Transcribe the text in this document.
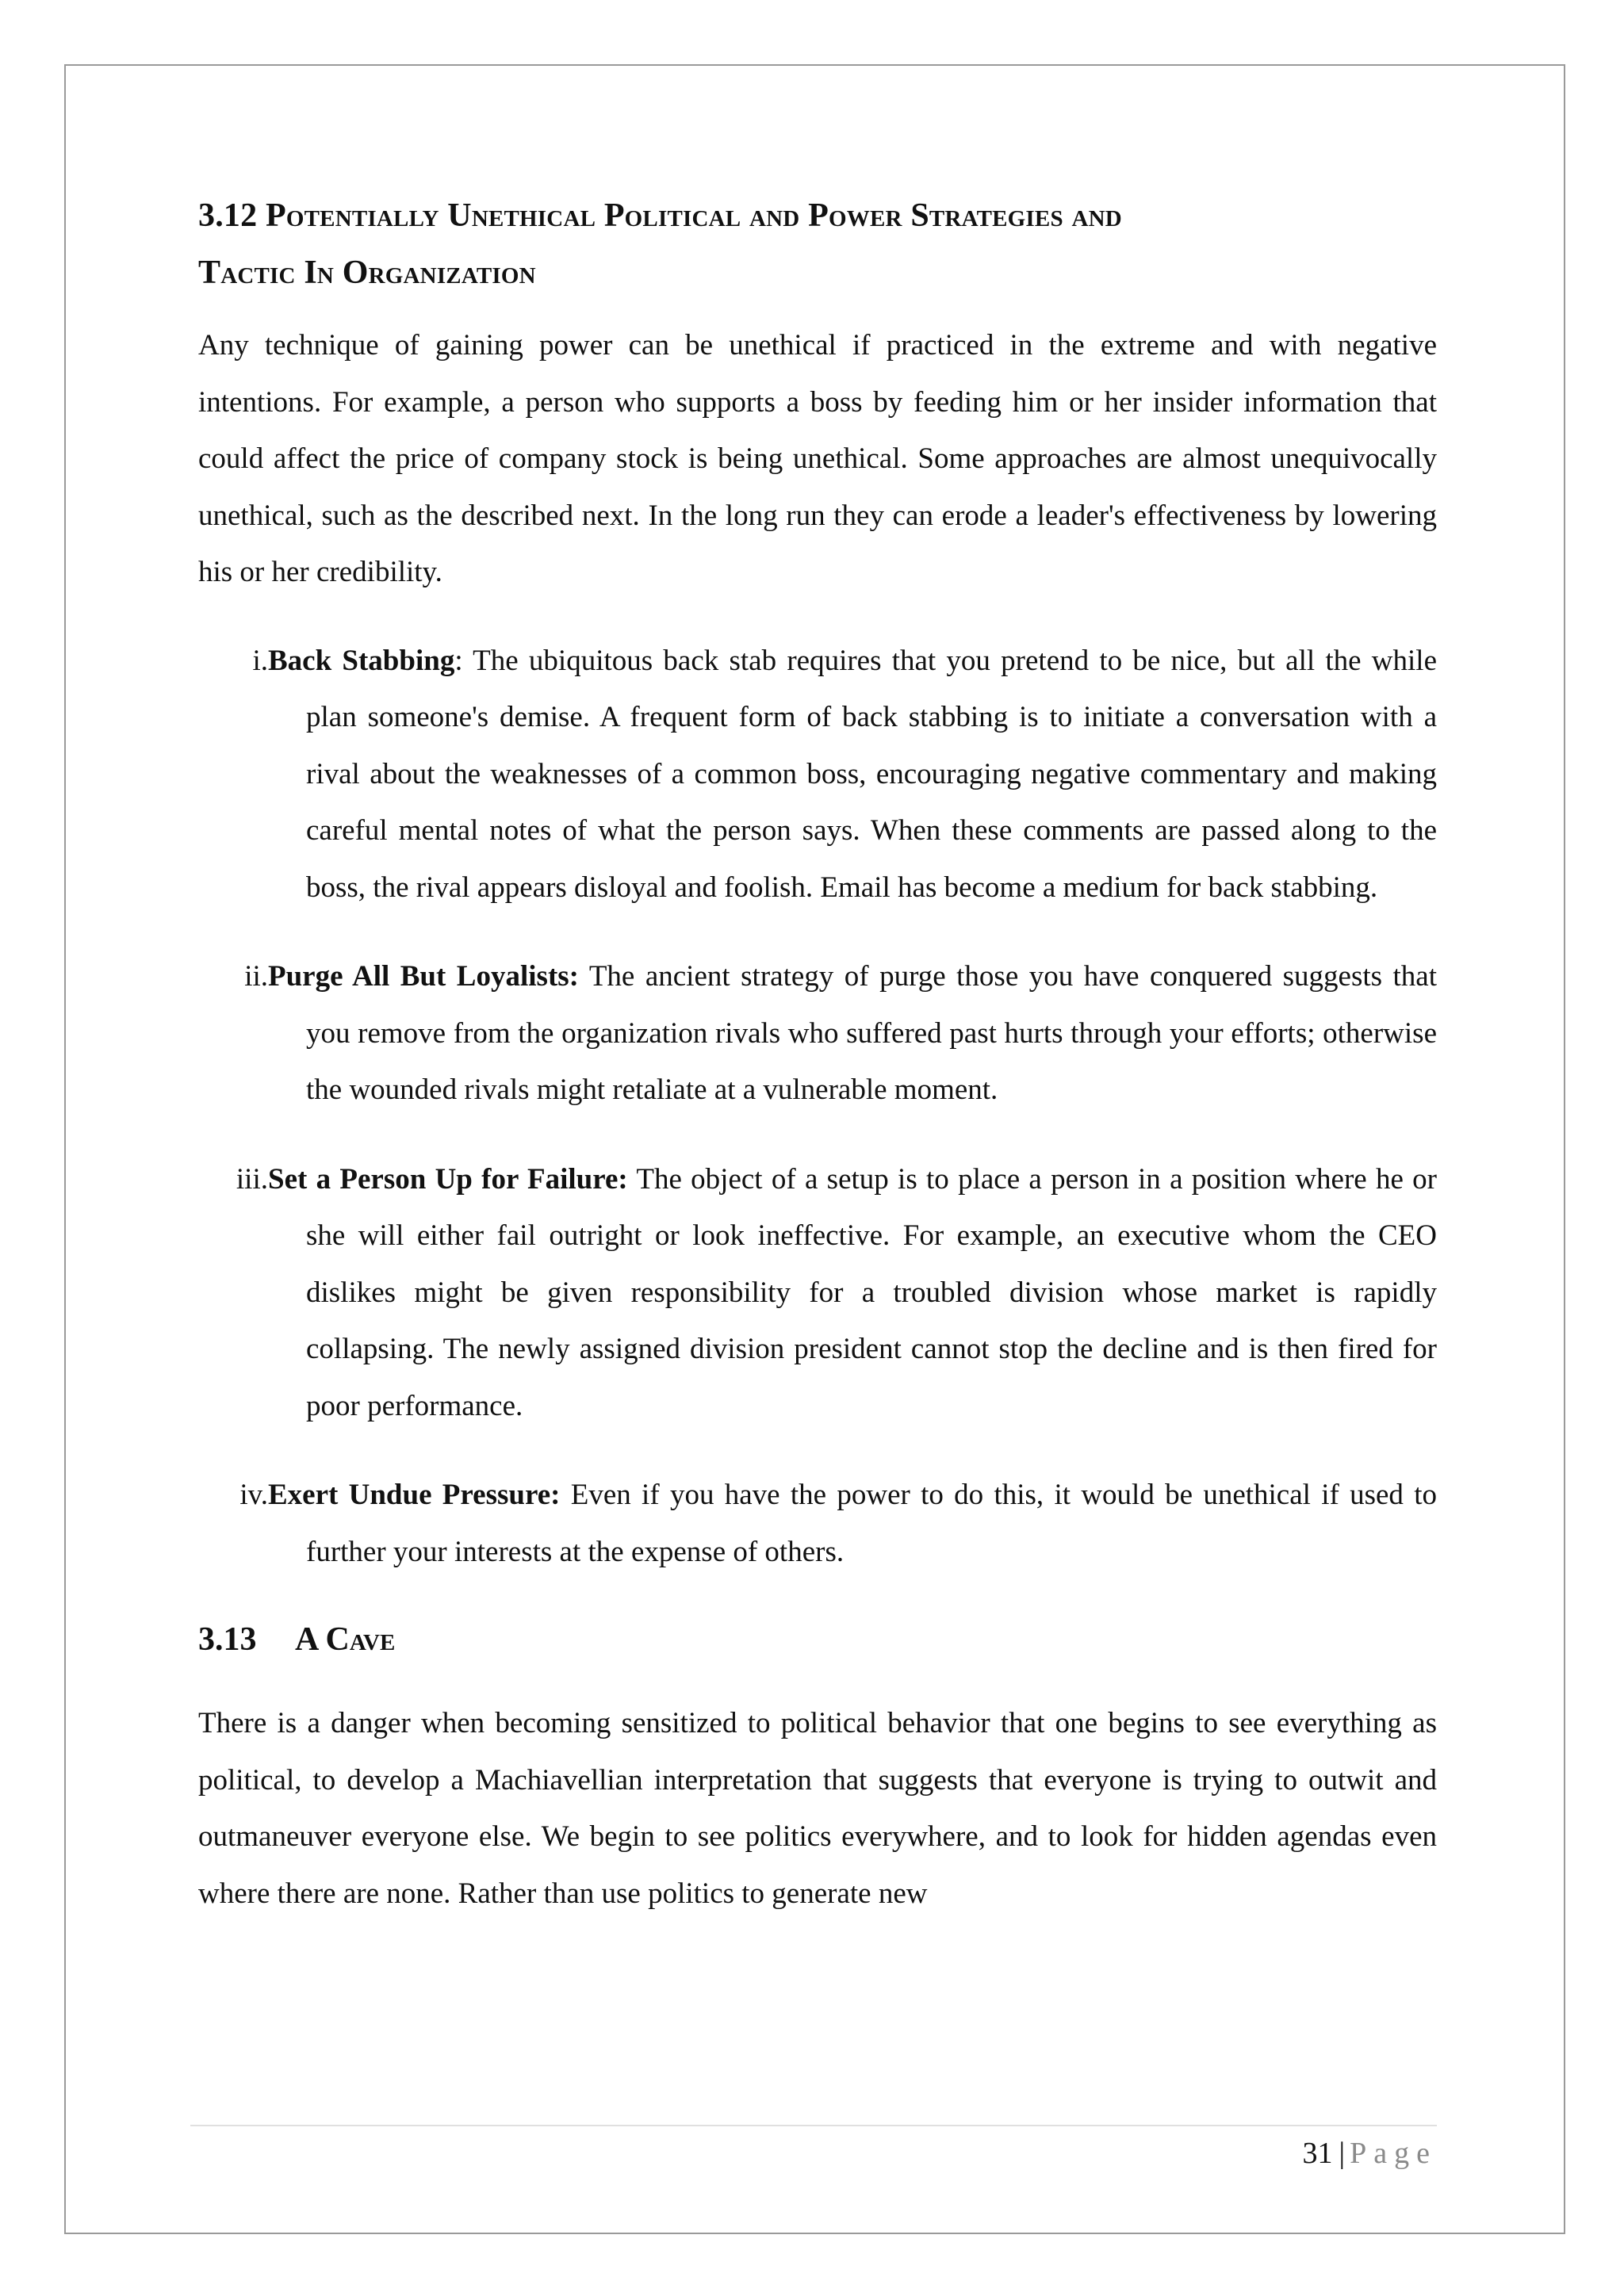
3.12 Potentially Unethical Political and Power Strategies and
Tactic In Organization

Any technique of gaining power can be unethical if practiced in the extreme and with negative intentions. For example, a person who supports a boss by feeding him or her insider information that could affect the price of company stock is being unethical. Some approaches are almost unequivocally unethical, such as the described next. In the long run they can erode a leader's effectiveness by lowering his or her credibility.

i. Back Stabbing: The ubiquitous back stab requires that you pretend to be nice, but all the while plan someone's demise. A frequent form of back stabbing is to initiate a conversation with a rival about the weaknesses of a common boss, encouraging negative commentary and making careful mental notes of what the person says. When these comments are passed along to the boss, the rival appears disloyal and foolish. Email has become a medium for back stabbing.
ii. Purge All But Loyalists: The ancient strategy of purge those you have conquered suggests that you remove from the organization rivals who suffered past hurts through your efforts; otherwise the wounded rivals might retaliate at a vulnerable moment.
iii. Set a Person Up for Failure: The object of a setup is to place a person in a position where he or she will either fail outright or look ineffective. For example, an executive whom the CEO dislikes might be given responsibility for a troubled division whose market is rapidly collapsing. The newly assigned division president cannot stop the decline and is then fired for poor performance.
iv. Exert Undue Pressure: Even if you have the power to do this, it would be unethical if used to further your interests at the expense of others.
3.13 A Cave

There is a danger when becoming sensitized to political behavior that one begins to see everything as political, to develop a Machiavellian interpretation that suggests that everyone is trying to outwit and outmaneuver everyone else. We begin to see politics everywhere, and to look for hidden agendas even where there are none. Rather than use politics to generate new

31 | Page
